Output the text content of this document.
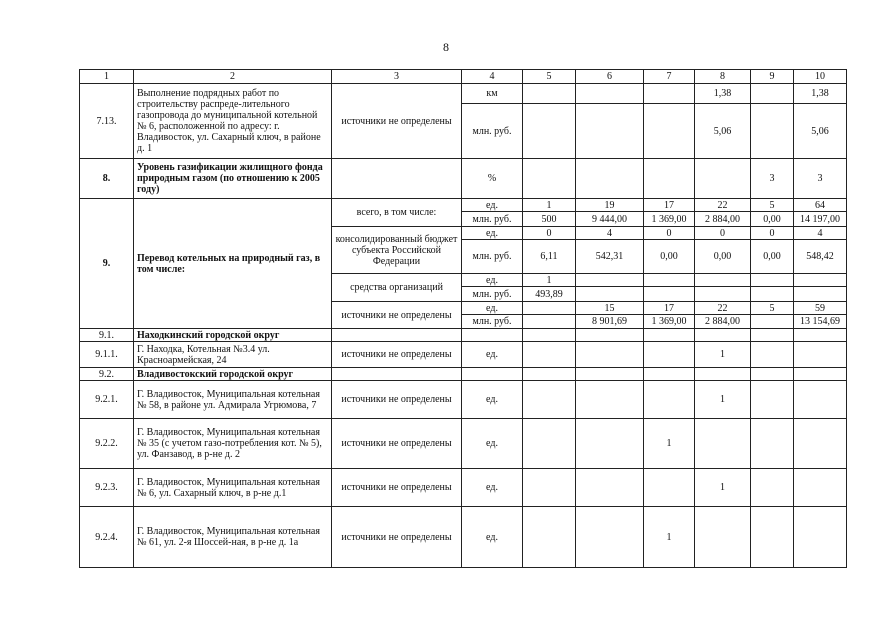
8
1	2	3	4	5	6	7	8	9	10
7.13.	Выполнение подрядных работ по строительству распреде-лительного газопровода до муниципальной котельной № 6, расположенной по адресу: г. Владивосток, ул. Сахарный ключ, в районе д. 1	источники не определены	км				1,38		1,38
			млн. руб.				5,06		5,06
8.	Уровень газификации жилищного фонда природным газом (по отношению к 2005 году)		%					3	3
9.	Перевод котельных на природный газ, в том числе:	всего, в том числе:	ед.	1	19	17	22	5	64
			млн. руб.	500	9 444,00	1 369,00	2 884,00	0,00	14 197,00
		консолидированный бюджет субъекта Российской Федерации	ед.	0	4	0	0	0	4
			млн. руб.	6,11	542,31	0,00	0,00	0,00	548,42
		средства организаций	ед.	1					
			млн. руб.	493,89					
		источники не определены	ед.		15	17	22	5	59
			млн. руб.		8 901,69	1 369,00	2 884,00		13 154,69
9.1.	Находкинский городской округ								
9.1.1.	Г. Находка, Котельная №3.4 ул. Красноармейская, 24	источники не определены	ед.				1		
9.2.	Владивостокский городской округ								
9.2.1.	Г. Владивосток, Муниципальная котельная № 58, в районе ул. Адмирала Угрюмова, 7	источники не определены	ед.				1		
9.2.2.	Г. Владивосток, Муниципальная котельная № 35 (с учетом газо-потребления кот. № 5), ул. Фанзавод, в р-не д. 2	источники не определены	ед.			1			
9.2.3.	Г. Владивосток, Муниципальная котельная № 6, ул. Сахарный ключ, в р-не д.1	источники не определены	ед.				1		
9.2.4.	Г. Владивосток, Муниципальная котельная № 61, ул. 2-я Шоссей-ная, в р-не д. 1а	источники не определены	ед.			1			
